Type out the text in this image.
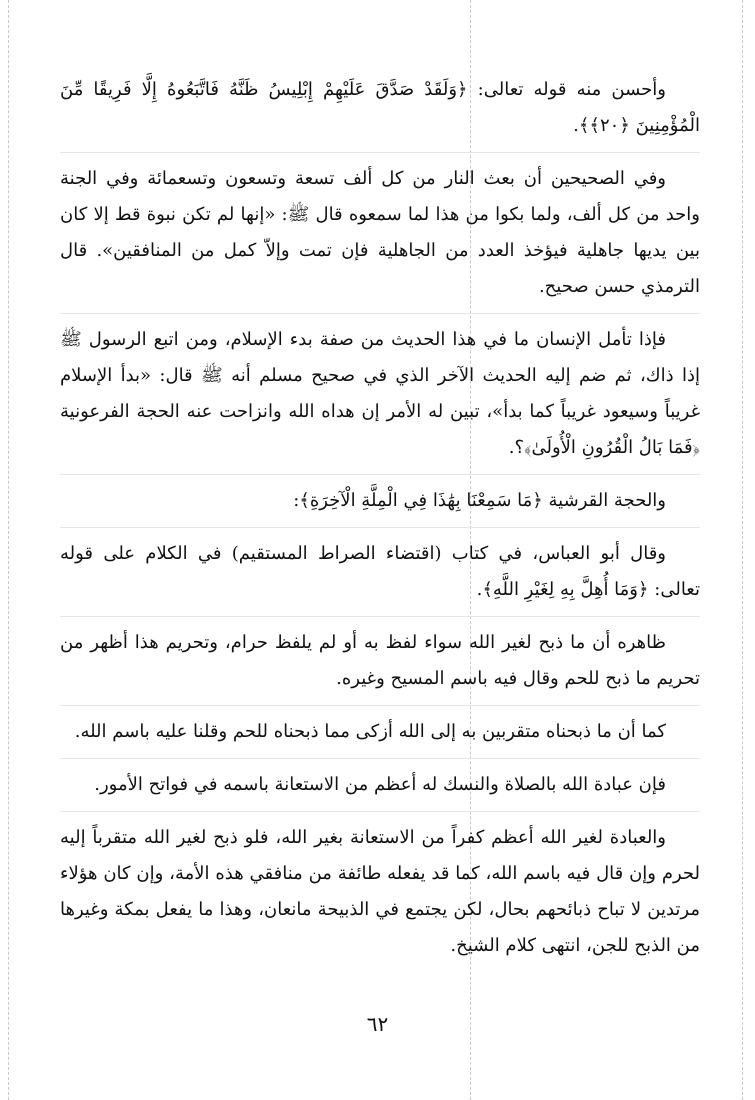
وأحسن منه قوله تعالى: ﴿وَلَقَدْ صَدَّقَ عَلَيْهِمْ إِبْلِيسُ ظَنَّهُ فَاتَّبَعُوهُ إِلَّا فَرِيقًا مِّنَ الْمُؤْمِنِينَ ﴿٢٠﴾﴾.

وفي الصحيحين أن بعث النار من كل ألف تسعة وتسعون وتسعمائة وفي الجنة واحد من كل ألف، ولما بكوا من هذا لما سمعوه قال ﷺ: «إنها لم تكن نبوة قط إلا كان بين يديها جاهلية فيؤخذ العدد من الجاهلية فإن تمت وإلاّ كمل من المنافقين». قال الترمذي حسن صحيح.

فإذا تأمل الإنسان ما في هذا الحديث من صفة بدء الإسلام، ومن اتبع الرسول ﷺ إذا ذاك، ثم ضم إليه الحديث الآخر الذي في صحيح مسلم أنه ﷺ قال: «بدأ الإسلام غريباً وسيعود غريباً كما بدأ»، تبين له الأمر إن هداه الله وانزاحت عنه الحجة الفرعونية ﴿فَمَا بَالُ الْقُرُونِ الْأُولَىٰ﴾؟.

والحجة القرشية ﴿مَا سَمِعْنَا بِهَٰذَا فِي الْمِلَّةِ الْآخِرَةِ﴾:

وقال أبو العباس، في كتاب (اقتضاء الصراط المستقيم) في الكلام على قوله تعالى: ﴿وَمَا أُهِلَّ بِهِ لِغَيْرِ اللَّهِ﴾.

ظاهره أن ما ذبح لغير الله سواء لفظ به أو لم يلفظ حرام، وتحريم هذا أظهر من تحريم ما ذبح للحم وقال فيه باسم المسيح وغيره.

كما أن ما ذبحناه متقربين به إلى الله أزكى مما ذبحناه للحم وقلنا عليه باسم الله.

فإن عبادة الله بالصلاة والنسك له أعظم من الاستعانة باسمه في فواتح الأمور.

والعبادة لغير الله أعظم كفراً من الاستعانة بغير الله، فلو ذبح لغير الله متقرباً إليه لحرم وإن قال فيه باسم الله، كما قد يفعله طائفة من منافقي هذه الأمة، وإن كان هؤلاء مرتدين لا تباح ذبائحهم بحال، لكن يجتمع في الذبيحة مانعان، وهذا ما يفعل بمكة وغيرها من الذبح للجن، انتهى كلام الشيخ.

٦٢
